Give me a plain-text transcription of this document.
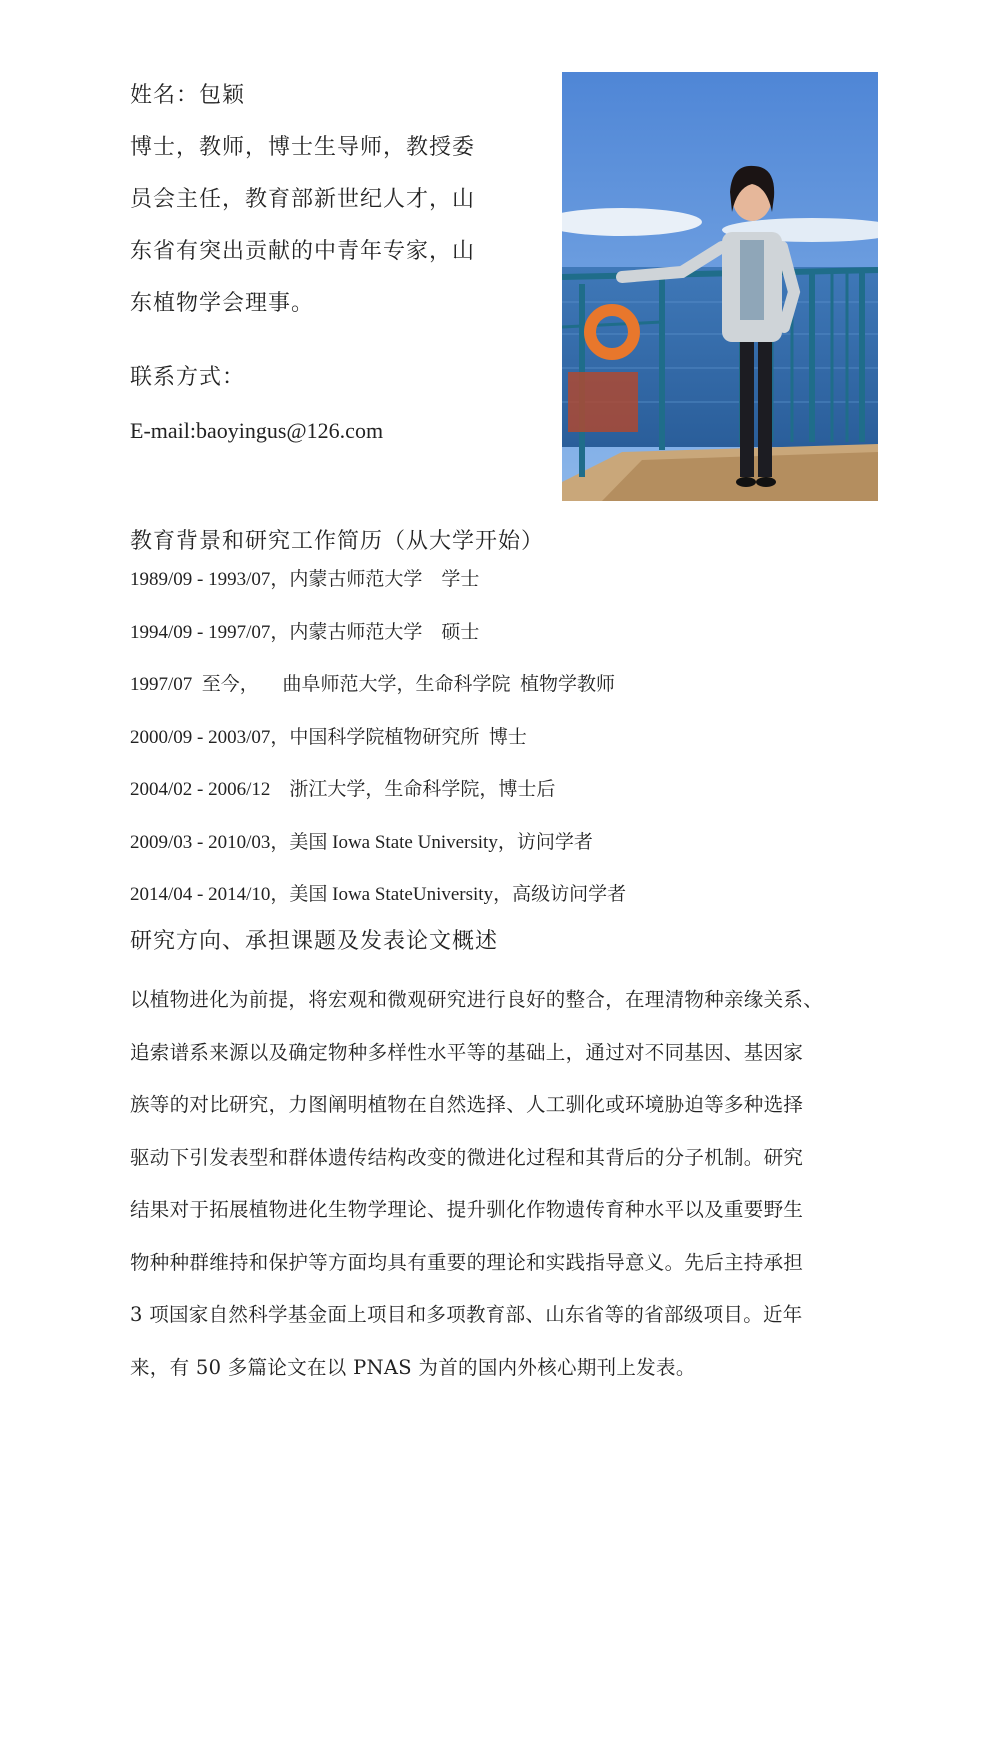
姓名：包颖
博士，教师，博士生导师，教授委
员会主任，教育部新世纪人才，山
东省有突出贡献的中青年专家，山
东植物学会理事。
联系方式：
E-mail:baoyingus@126.com
教育背景和研究工作简历（从大学开始）
1989/09 - 1993/07，内蒙古师范大学    学士
1994/09 - 1997/07，内蒙古师范大学    硕士
1997/07  至今，     曲阜师范大学，生命科学院  植物学教师
2000/09 - 2003/07，中国科学院植物研究所  博士
2004/02 - 2006/12    浙江大学，生命科学院，博士后
2009/03 - 2010/03，美国 Iowa State University，访问学者
2014/04 - 2014/10，美国 Iowa StateUniversity，高级访问学者
研究方向、承担课题及发表论文概述
以植物进化为前提，将宏观和微观研究进行良好的整合，在理清物种亲缘关系、
追索谱系来源以及确定物种多样性水平等的基础上，通过对不同基因、基因家
族等的对比研究，力图阐明植物在自然选择、人工驯化或环境胁迫等多种选择
驱动下引发表型和群体遗传结构改变的微进化过程和其背后的分子机制。研究
结果对于拓展植物进化生物学理论、提升驯化作物遗传育种水平以及重要野生
物种种群维持和保护等方面均具有重要的理论和实践指导意义。先后主持承担
3 项国家自然科学基金面上项目和多项教育部、山东省等的省部级项目。近年
来，有 50 多篇论文在以 PNAS 为首的国内外核心期刊上发表。
